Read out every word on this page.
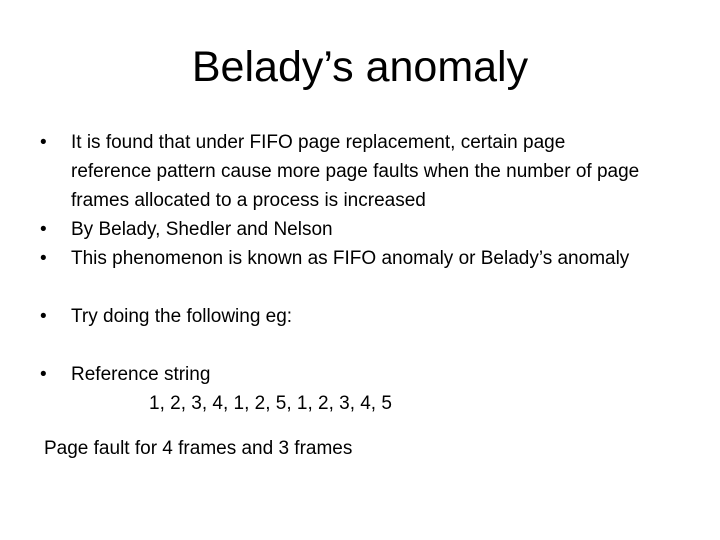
Belady’s anomaly
• It is found that under FIFO page replacement, certain page
reference pattern cause more page faults when the number of page
frames allocated to a process is increased
• By Belady, Shedler and Nelson
• This phenomenon is known as FIFO anomaly or Belady’s anomaly
• Try doing the following eg:
• Reference string
1, 2, 3, 4, 1, 2, 5, 1, 2, 3, 4, 5
Page fault for 4 frames and 3 frames
